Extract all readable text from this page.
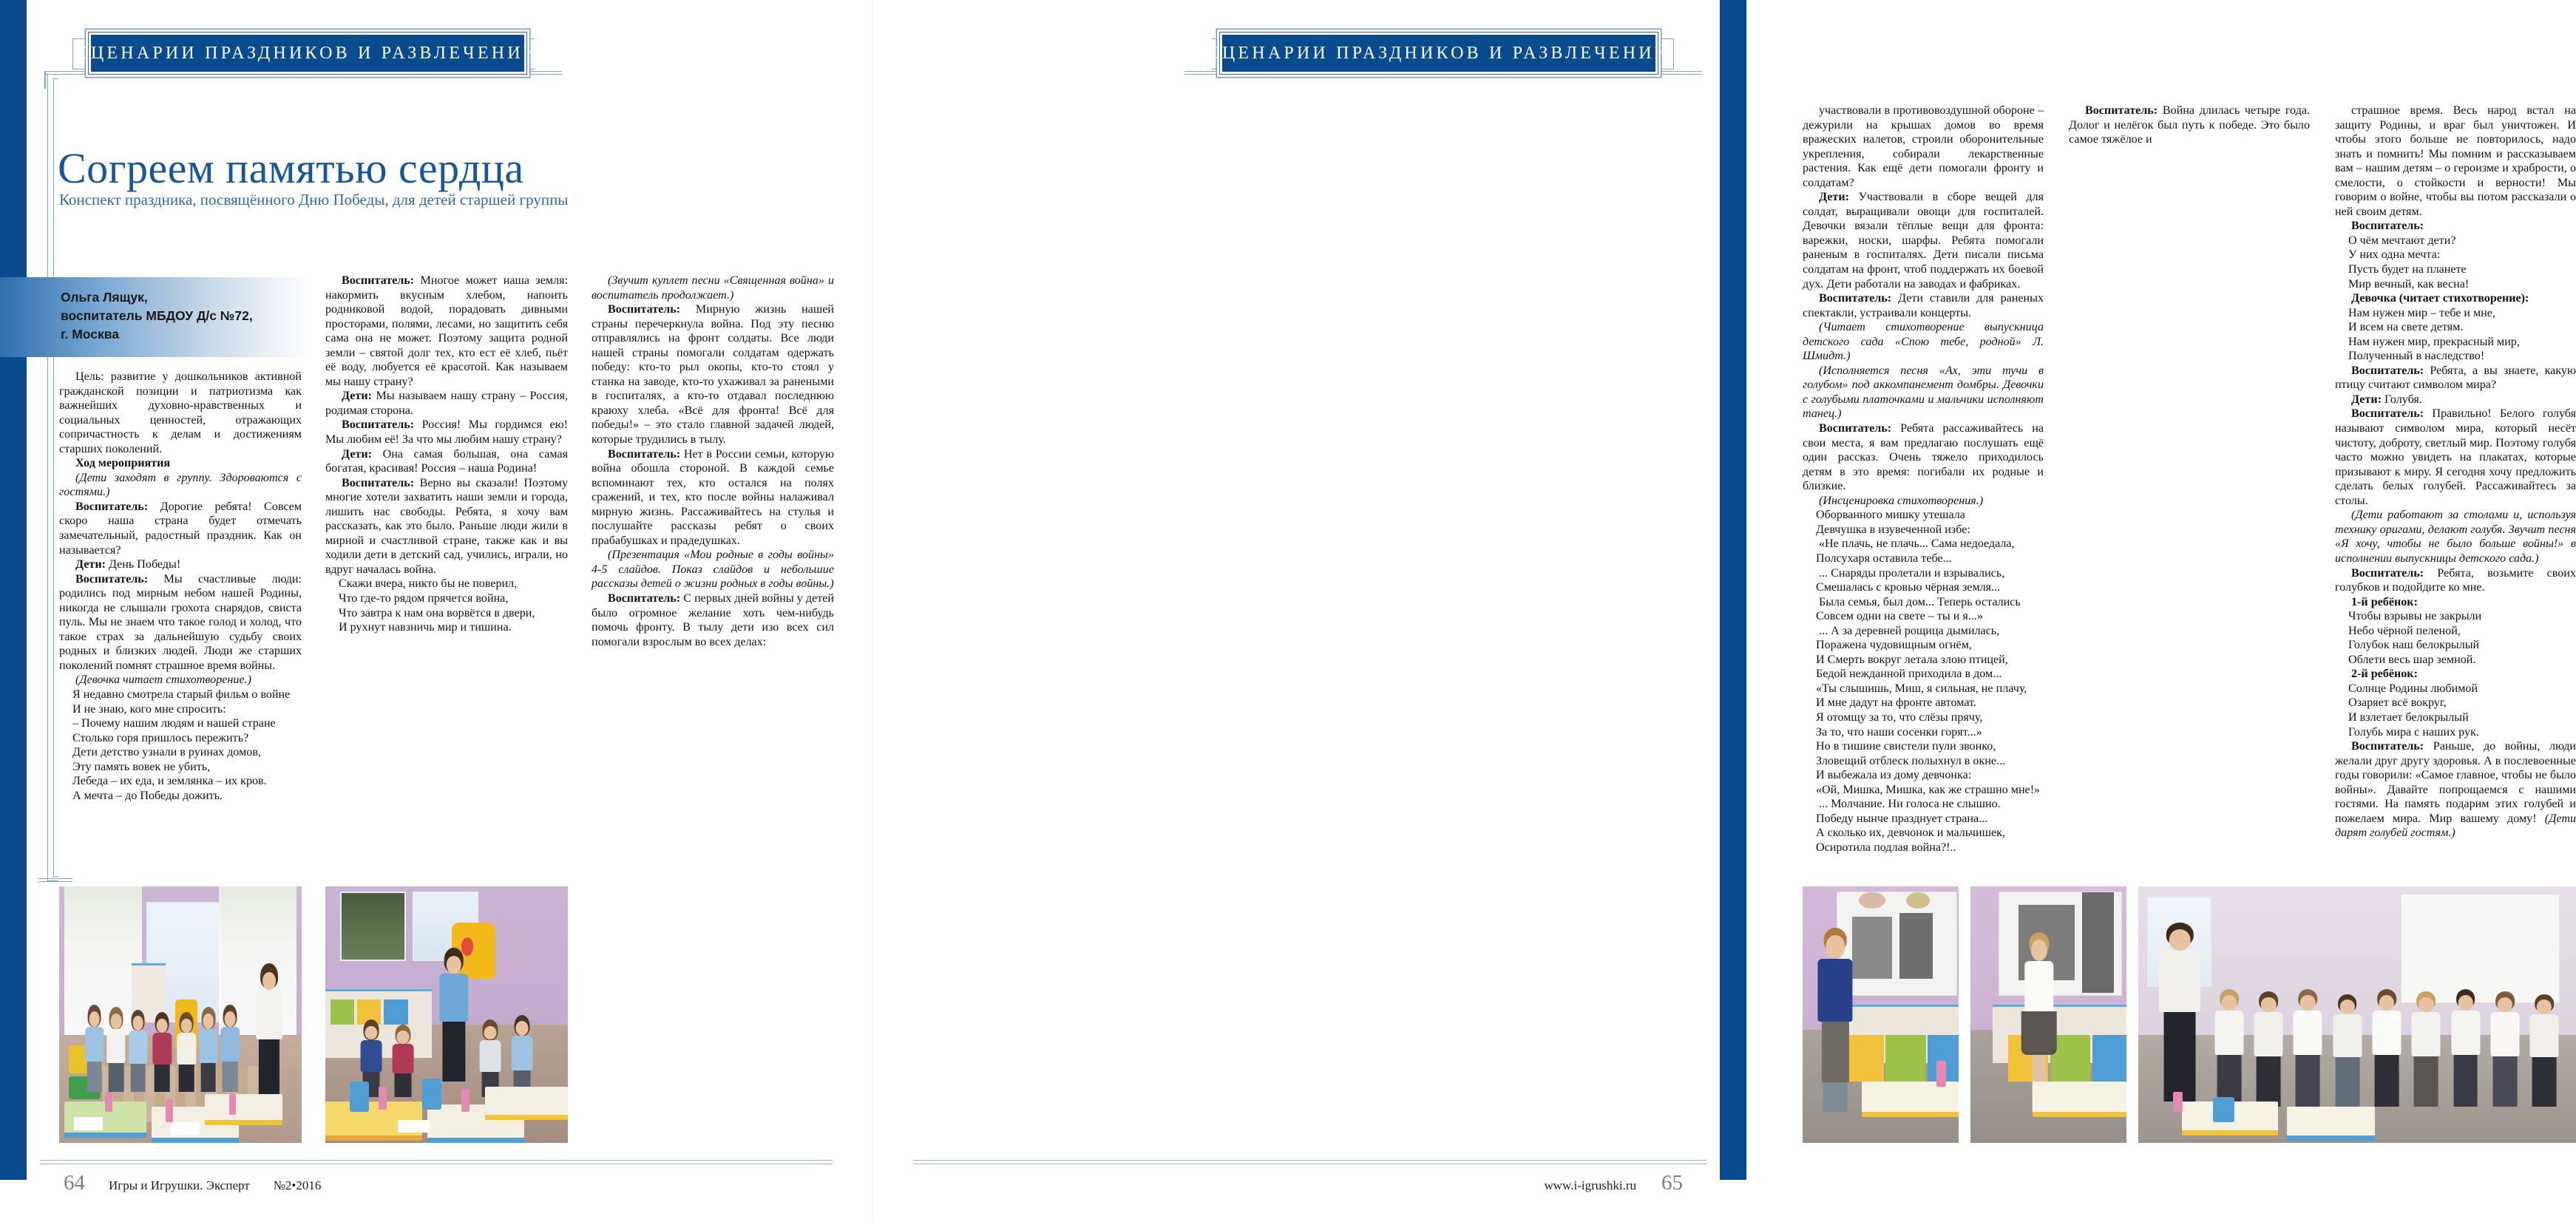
СЦЕНАРИИ ПРАЗДНИКОВ И РАЗВЛЕЧЕНИЙ
Согреем памятью сердца
Конспект праздника, посвящённого Дню Победы, для детей старшей группы
Ольга Лящук,
воспитатель МБДОУ Д/с №72,
г. Москва

Цель: развитие у дошкольников активной гражданской позиции и патриотизма как важнейших духовно-нравственных и социальных ценностей, отражающих сопричастность к делам и достижениям старших поколений.

Ход мероприятия

(Дети заходят в группу. Здороваются с гостями.)

Воспитатель: Дорогие ребята! Совсем скоро наша страна будет отмечать замечательный, радостный праздник. Как он называется?

Дети: День Победы!

Воспитатель: Мы счастливые люди: родились под мирным небом нашей Родины, никогда не слышали грохота снарядов, свиста пуль. Мы не знаем что такое голод и холод, что такое страх за дальнейшую судьбу своих родных и близких людей. Люди же старших поколений помнят страшное время войны.

(Девочка читает стихотворение.)

Я недавно смотрела старый фильм о войне

И не знаю, кого мне спросить:

– Почему нашим людям и нашей стране

Столько горя пришлось пережить?

Дети детство узнали в руинах домов,

Эту память вовек не убить,

Лебеда – их еда, и землянка – их кров.

А мечта – до Победы дожить.

Воспитатель: Многое может наша земля: накормить вкусным хлебом, напоить родниковой водой, порадовать дивными просторами, полями, лесами, но защитить себя сама она не может. Поэтому защита родной земли – святой долг тех, кто ест её хлеб, пьёт её воду, любуется её красотой. Как называем мы нашу страну?

Дети: Мы называем нашу страну – Россия, родимая сторона.

Воспитатель: Россия! Мы гордимся ею! Мы любим её! За что мы любим нашу страну?

Дети: Она самая большая, она самая богатая, красивая! Россия – наша Родина!

Воспитатель: Верно вы сказали! Поэтому многие хотели захватить наши земли и города, лишить нас свободы. Ребята, я хочу вам рассказать, как это было. Раньше люди жили в мирной и счастливой стране, также как и вы ходили дети в детский сад, учились, играли, но вдруг началась война.

Скажи вчера, никто бы не поверил,

Что где-то рядом прячется война,

Что завтра к нам она ворвётся в двери,

И рухнут навзничь мир и тишина.

(Звучит куплет песни «Священная война» и воспитатель продолжает.)

Воспитатель: Мирную жизнь нашей страны перечеркнула война. Под эту песню отправлялись на фронт солдаты. Все люди нашей страны помогали солдатам одержать победу: кто-то рыл окопы, кто-то стоял у станка на заводе, кто-то ухаживал за ранеными в госпиталях, а кто-то отдавал последнюю краюху хлеба. «Всё для фронта! Всё для победы!» – это стало главной задачей людей, которые трудились в тылу.

Воспитатель: Нет в России семьи, которую война обошла стороной. В каждой семье вспоминают тех, кто остался на полях сражений, и тех, кто после войны налаживал мирную жизнь. Рассаживайтесь на стулья и послушайте рассказы ребят о своих прабабушках и прадедушках.

(Презентация «Мои родные в годы войны» 4-5 слайдов. Показ слайдов и небольшие рассказы детей о жизни родных в годы войны.)

Воспитатель: С первых дней войны у детей было огромное желание хоть чем-нибудь помочь фронту. В тылу дети изо всех сил помогали взрослым во всех делах:

64 Игры и Игрушки. Эксперт №2•2016
СЦЕНАРИИ ПРАЗДНИКОВ И РАЗВЛЕЧЕНИЙ

участвовали в противовоздушной обороне – дежурили на крышах домов во время вражеских налетов, строили оборонительные укрепления, собирали лекарственные растения. Как ещё дети помогали фронту и солдатам?

Дети: Участвовали в сборе вещей для солдат, выращивали овощи для госпиталей. Девочки вязали тёплые вещи для фронта: варежки, носки, шарфы. Ребята помогали раненым в госпиталях. Дети писали письма солдатам на фронт, чтоб поддержать их боевой дух. Дети работали на заводах и фабриках.

Воспитатель: Дети ставили для раненых спектакли, устраивали концерты.

(Читает стихотворение выпускница детского сада «Спою тебе, родной» Л. Шмидт.)

(Исполняется песня «Ах, эти тучи в голубом» под аккомпанемент домбры. Девочки с голубыми платочками и мальчики исполняют танец.)

Воспитатель: Ребята рассаживайтесь на свои места, я вам предлагаю послушать ещё один рассказ. Очень тяжело приходилось детям в это время: погибали их родные и близкие.

(Инсценировка стихотворения.)

Оборванного мишку утешала

Девчушка в изувеченной избе:

«Не плачь, не плачь... Сама недоедала,

Полсухаря оставила тебе...

... Снаряды пролетали и взрывались,

Смешалась с кровью чёрная земля...

Была семья, был дом... Теперь остались

Совсем одни на свете – ты и я...»

... А за деревней рощица дымилась,

Поражена чудовищным огнём,

И Смерть вокруг летала злою птицей,

Бедой нежданной приходила в дом...

«Ты слышишь, Миш, я сильная, не плачу,

И мне дадут на фронте автомат.

Я отомщу за то, что слёзы прячу,

За то, что наши сосенки горят...»

Но в тишине свистели пули звонко,

Зловещий отблеск полыхнул в окне...

И выбежала из дому девчонка:

«Ой, Мишка, Мишка, как же страшно мне!»

... Молчание. Ни голоса не слышно.

Победу нынче празднует страна...

А сколько их, девчонок и мальчишек,

Осиротила подлая война?!..

Воспитатель: Война длилась четыре года. Долог и нелёгок был путь к победе. Это было самое тяжёлое и

страшное время. Весь народ встал на защиту Родины, и враг был уничтожен. И чтобы этого больше не повторилось, надо знать и помнить! Мы помним и рассказываем вам – нашим детям – о героизме и храбрости, о смелости, о стойкости и верности! Мы говорим о войне, чтобы вы потом рассказали о ней своим детям.

Воспитатель:

О чём мечтают дети?

У них одна мечта:

Пусть будет на планете

Мир вечный, как весна!

Девочка (читает стихотворение):

Нам нужен мир – тебе и мне,

И всем на свете детям.

Нам нужен мир, прекрасный мир,

Полученный в наследство!

Воспитатель: Ребята, а вы знаете, какую птицу считают символом мира?

Дети: Голубя.

Воспитатель: Правильно! Белого голубя называют символом мира, который несёт чистоту, доброту, светлый мир. Поэтому голубя часто можно увидеть на плакатах, которые призывают к миру. Я сегодня хочу предложить сделать белых голубей. Рассаживайтесь за столы.

(Дети работают за столами и, используя технику оригами, делают голубя. Звучит песня «Я хочу, чтобы не было больше войны!» в исполнении выпускницы детского сада.)

Воспитатель: Ребята, возьмите своих голубков и подойдите ко мне.

1-й ребёнок:

Чтобы взрывы не закрыли

Небо чёрной пеленой,

Голубок наш белокрылый

Облети весь шар земной.

2-й ребёнок:

Солнце Родины любимой

Озаряет всё вокруг,

И взлетает белокрылый

Голубь мира с наших рук.

Воспитатель: Раньше, до войны, люди желали друг другу здоровья. А в послевоенные годы говорили: «Самое главное, чтобы не было войны». Давайте попрощаемся с нашими гостями. На память подарим этих голубей и пожелаем мира. Мир вашему дому! (Дети дарят голубей гостям.)

www.i-igrushki.ru 65
